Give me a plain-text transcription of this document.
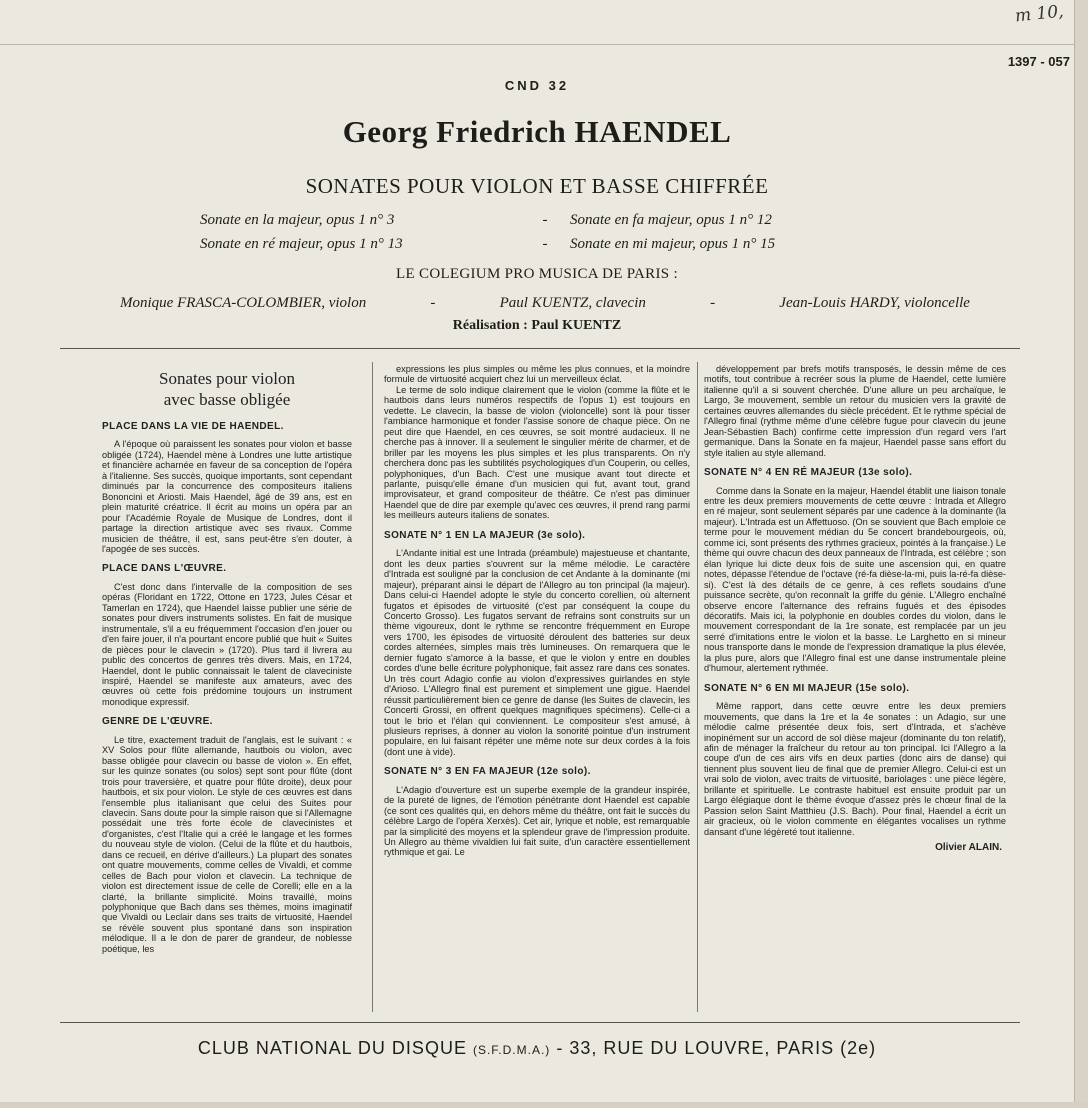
m 10,
1397 - 057
CND 32
Georg Friedrich HAENDEL
SONATES POUR VIOLON ET BASSE CHIFFRÉE
Sonate en la majeur, opus 1 n° 3	-	Sonate en fa majeur, opus 1 n° 12
Sonate en ré majeur, opus 1 n° 13	-	Sonate en mi majeur, opus 1 n° 15
LE COLEGIUM PRO MUSICA DE PARIS :
Monique FRASCA-COLOMBIER, violon	-	Paul KUENTZ, clavecin	-	Jean-Louis HARDY, violoncelle
Réalisation : Paul KUENTZ
Sonates pour violon
avec basse obligée
PLACE DANS LA VIE DE HAENDEL.

A l'époque où paraissent les sonates pour violon et basse obligée (1724), Haendel mène à Londres une lutte artistique et financière acharnée en faveur de sa conception de l'opéra à l'italienne. Ses succès, quoique importants, sont cependant diminués par la concurrence des compositeurs italiens Bononcini et Ariosti. Mais Haendel, âgé de 39 ans, est en plein maturité créatrice. Il écrit au moins un opéra par an pour l'Académie Royale de Musique de Londres, dont il partage la direction artistique avec ses rivaux. Comme musicien de théâtre, il est, sans peut-être s'en douter, à l'apogée de ses succès.

PLACE DANS L'ŒUVRE.

C'est donc dans l'intervalle de la composition de ses opéras (Floridant en 1722, Ottone en 1723, Jules César et Tamerlan en 1724), que Haendel laisse publier une série de sonates pour divers instruments solistes. En fait de musique instrumentale, s'il a eu fréquemment l'occasion d'en jouer ou d'en faire jouer, il n'a pourtant encore publié que huit « Suites de pièces pour le clavecin » (1720). Plus tard il livrera au public des concertos de genres très divers. Mais, en 1724, Haendel, dont le public connaissait le talent de claveciniste inspiré, Haendel se manifeste aux amateurs, avec des œuvres où cette fois prédomine toujours un instrument monodique expressif.

GENRE DE L'ŒUVRE.

Le titre, exactement traduit de l'anglais, est le suivant : « XV Solos pour flûte allemande, hautbois ou violon, avec basse obligée pour clavecin ou basse de violon ». En effet, sur les quinze sonates (ou solos) sept sont pour flûte (dont trois pour traversière, et quatre pour flûte droite), deux pour hautbois, et six pour violon. Le style de ces œuvres est dans l'ensemble plus italianisant que celui des Suites pour clavecin. Sans doute pour la simple raison que si l'Allemagne possédait une très forte école de clavecinistes et d'organistes, c'est l'Italie qui a créé le langage et les formes du nouveau style de violon. (Celui de la flûte et du hautbois, dans ce recueil, en dérive d'ailleurs.) La plupart des sonates ont quatre mouvements, comme celles de Vivaldi, et comme celles de Bach pour violon et clavecin. La technique de violon est directement issue de celle de Corelli; elle en a la clarté, la brillante simplicité. Moins travaillé, moins polyphonique que Bach dans ses thèmes, moins imaginatif que Vivaldi ou Leclair dans ses traits de virtuosité, Haendel se révèle souvent plus spontané dans son inspiration mélodique. Il a le don de parer de grandeur, de noblesse poétique, les

expressions les plus simples ou même les plus connues, et la moindre formule de virtuosité acquiert chez lui un merveilleux éclat.

Le terme de solo indique clairement que le violon (comme la flûte et le hautbois dans leurs numéros respectifs de l'opus 1) est toujours en vedette. Le clavecin, la basse de violon (violoncelle) sont là pour tisser l'ambiance harmonique et fonder l'assise sonore de chaque pièce. On ne peut dire que Haendel, en ces œuvres, se soit montré audacieux. Il ne cherche pas à innover. Il a seulement le singulier mérite de charmer, et de briller par les moyens les plus simples et les plus transparents. On n'y cherchera donc pas les subtilités psychologiques d'un Couperin, ou celles, polyphoniques, d'un Bach. C'est une musique avant tout directe et parlante, puisqu'elle émane d'un musicien qui fut, avant tout, grand improvisateur, et grand compositeur de théâtre. Ce n'est pas diminuer Haendel que de dire par exemple qu'avec ces œuvres, il prend rang parmi les meilleurs auteurs italiens de sonates.

SONATE N° 1 EN LA MAJEUR (3e solo).

L'Andante initial est une Intrada (préambule) majestueuse et chantante, dont les deux parties s'ouvrent sur la même mélodie. Le caractère d'Intrada est souligné par la conclusion de cet Andante à la dominante (mi majeur), préparant ainsi le départ de l'Allegro au ton principal (la majeur). Dans celui-ci Haendel adopte le style du concerto corellien, où alternent fugatos et épisodes de virtuosité (c'est par conséquent la coupe du Concerto Grosso). Les fugatos servant de refrains sont construits sur un thème vigoureux, dont le rythme se rencontre fréquemment en Europe vers 1700, les épisodes de virtuosité déroulent des batteries sur deux cordes alternées, simples mais très lumineuses. On remarquera que le dernier fugato s'amorce à la basse, et que le violon y entre en doubles cordes d'une belle écriture polyphonique, fait assez rare dans ces sonates. Un très court Adagio confie au violon d'expressives guirlandes en style d'Arioso. L'Allegro final est purement et simplement une gigue. Haendel réussit particulièrement bien ce genre de danse (les Suites de clavecin, les Concerti Grossi, en offrent quelques magnifiques spécimens). Celle-ci a tout le brio et l'élan qui conviennent. Le compositeur s'est amusé, à plusieurs reprises, à donner au violon la sonorité pointue d'un instrument populaire, en lui faisant répéter une même note sur deux cordes à la fois (dont une à vide).

SONATE N° 3 EN FA MAJEUR (12e solo).

L'Adagio d'ouverture est un superbe exemple de la grandeur inspirée, de la pureté de lignes, de l'émotion pénétrante dont Haendel est capable (ce sont ces qualités qui, en dehors même du théâtre, ont fait le succès du célèbre Largo de l'opéra Xerxès). Cet air, lyrique et noble, est remarquable par la simplicité des moyens et la splendeur grave de l'impression produite. Un Allegro au thème vivaldien lui fait suite, d'un caractère essentiellement rythmique et gai. Le

développement par brefs motifs transposés, le dessin même de ces motifs, tout contribue à recréer sous la plume de Haendel, cette lumière italienne qu'il a si souvent cherchée. D'une allure un peu archaïque, le Largo, 3e mouvement, semble un retour du musicien vers la gravité de certaines œuvres allemandes du siècle précédent. Et le rythme spécial de l'Allegro final (rythme même d'une célèbre fugue pour clavecin du jeune Jean-Sébastien Bach) confirme cette impression d'un regard vers l'art germanique. Dans la Sonate en fa majeur, Haendel passe sans effort du style italien au style allemand.

SONATE N° 4 EN RÉ MAJEUR (13e solo).

Comme dans la Sonate en la majeur, Haendel établit une liaison tonale entre les deux premiers mouvements de cette œuvre : Intrada et Allegro en ré majeur, sont seulement séparés par une cadence à la dominante (la majeur). L'Intrada est un Affettuoso. (On se souvient que Bach emploie ce terme pour le mouvement médian du 5e concert brandebourgeois, où, comme ici, sont présents des rythmes gracieux, pointés à la française.) Le thème qui ouvre chacun des deux panneaux de l'Intrada, est célèbre ; son élan lyrique lui dicte deux fois de suite une ascension qui, en quatre notes, dépasse l'étendue de l'octave (ré-fa dièse-la-mi, puis la-ré-fa dièse-si). C'est là des détails de ce genre, à ces reflets soudains d'une puissance secrète, qu'on reconnaît la griffe du génie. L'Allegro enchaîné observe encore l'alternance des refrains fugués et des épisodes décoratifs. Mais ici, la polyphonie en doubles cordes du violon, dans le mouvement correspondant de la 1re sonate, est remplacée par un jeu serré d'imitations entre le violon et la basse. Le Larghetto en si mineur nous transporte dans le monde de l'expression dramatique la plus élevée, la plus pure, alors que l'Allegro final est une danse instrumentale pleine d'humour, alertement rythmée.

SONATE N° 6 EN MI MAJEUR (15e solo).

Même rapport, dans cette œuvre entre les deux premiers mouvements, que dans la 1re et la 4e sonates : un Adagio, sur une mélodie calme présentée deux fois, sert d'Intrada, et s'achève inopinément sur un accord de sol dièse majeur (dominante du ton relatif), afin de ménager la fraîcheur du retour au ton principal. Ici l'Allegro a la coupe d'un de ces airs vifs en deux parties (donc airs de danse) qui tiennent plus souvent lieu de final que de premier Allegro. Celui-ci est un vrai solo de violon, avec traits de virtuosité, bariolages : une pièce légère, brillante et spirituelle. Le contraste habituel est ensuite produit par un Largo élégiaque dont le thème évoque d'assez près le chœur final de la Passion selon Saint Matthieu (J.S. Bach). Pour final, Haendel a écrit un air gracieux, où le violon commente en élégantes vocalises un rythme dansant d'une légèreté tout italienne.

Olivier ALAIN.
CLUB NATIONAL DU DISQUE (S.F.D.M.A.) - 33, RUE DU LOUVRE, PARIS (2e)
